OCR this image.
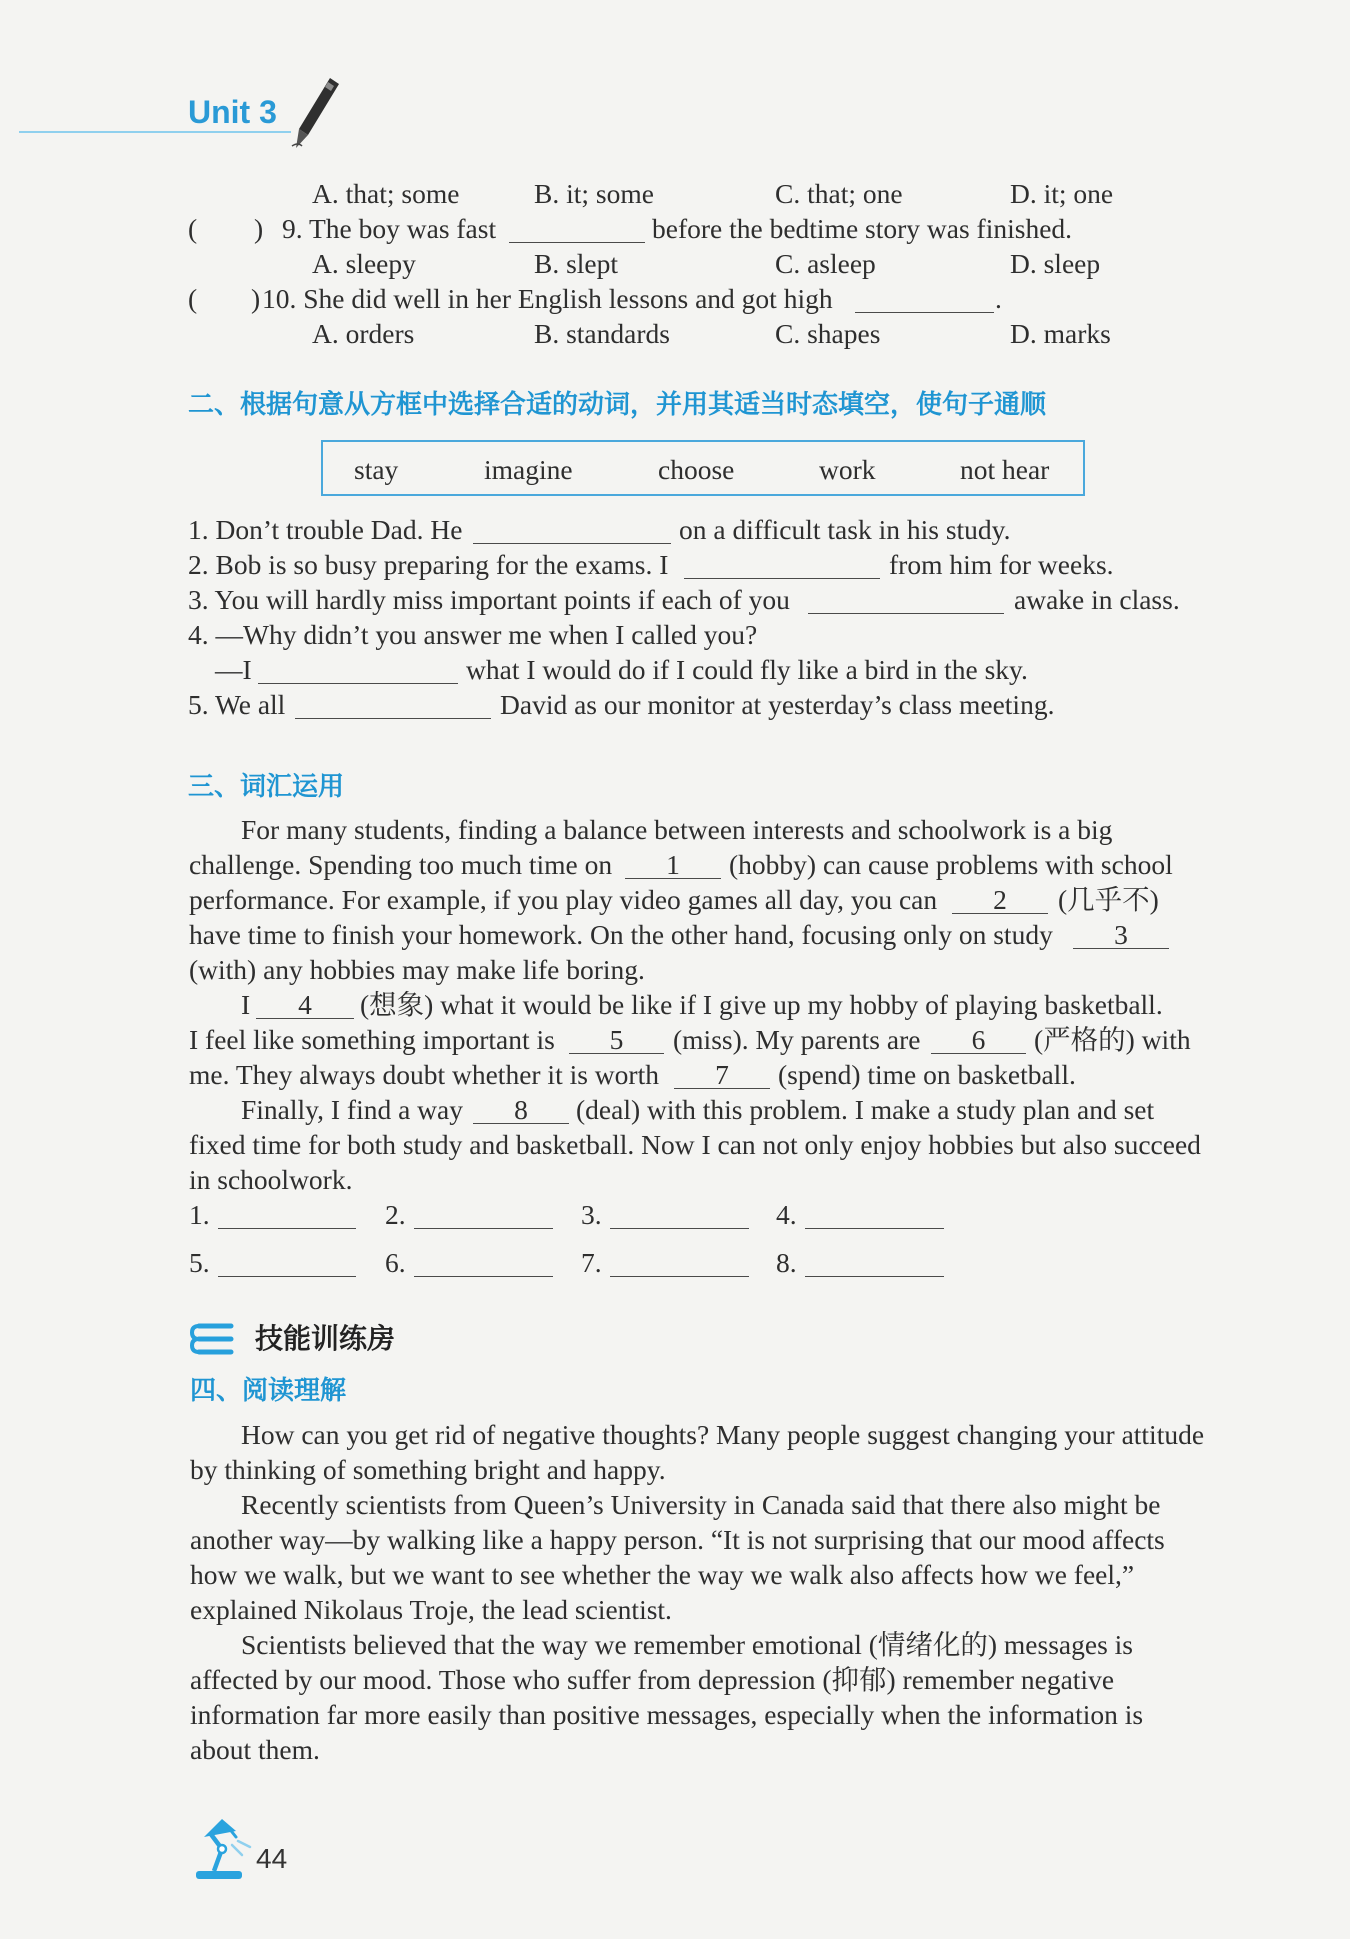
Unit 3
A. that; some	B. it; some	C. that; one	D. it; one
( ) 9. The boy was fast	before the bedtime story was finished.
A. sleepy	B. slept	C. asleep	D. sleep
( ) 10. She did well in her English lessons and got high	.
A. orders	B. standards	C. shapes	D. marks
二、根据句意从方框中选择合适的动词，并用其适当时态填空，使句子通顺
stay	imagine	choose	work	not hear
1. Don’t trouble Dad. He	on a difficult task in his study.
2. Bob is so busy preparing for the exams. I	from him for weeks.
3. You will hardly miss important points if each of you	awake in class.
4. —Why didn’t you answer me when I called you?
—I	what I would do if I could fly like a bird in the sky.
5. We all	David as our monitor at yesterday’s class meeting.
三、词汇运用
For many students, finding a balance between interests and schoolwork is a big
challenge. Spending too much time on	1	(hobby) can cause problems with school
performance. For example, if you play video games all day, you can	2	(几乎不)
have time to finish your homework. On the other hand, focusing only on study	3
(with) any hobbies may make life boring.
I	4	(想象) what it would be like if I give up my hobby of playing basketball.
I feel like something important is	5	(miss). My parents are	6	(严格的) with
me. They always doubt whether it is worth	7	(spend) time on basketball.
Finally, I find a way	8	(deal) with this problem. I make a study plan and set
fixed time for both study and basketball. Now I can not only enjoy hobbies but also succeed
in schoolwork.
1.	2.	3.	4.
5.	6.	7.	8.
技能训练房
四、阅读理解
How can you get rid of negative thoughts? Many people suggest changing your attitude
by thinking of something bright and happy.
Recently scientists from Queen’s University in Canada said that there also might be
another way—by walking like a happy person. “It is not surprising that our mood affects
how we walk, but we want to see whether the way we walk also affects how we feel,”
explained Nikolaus Troje, the lead scientist.
Scientists believed that the way we remember emotional (情绪化的) messages is
affected by our mood. Those who suffer from depression (抑郁) remember negative
information far more easily than positive messages, especially when the information is
about them.
44
